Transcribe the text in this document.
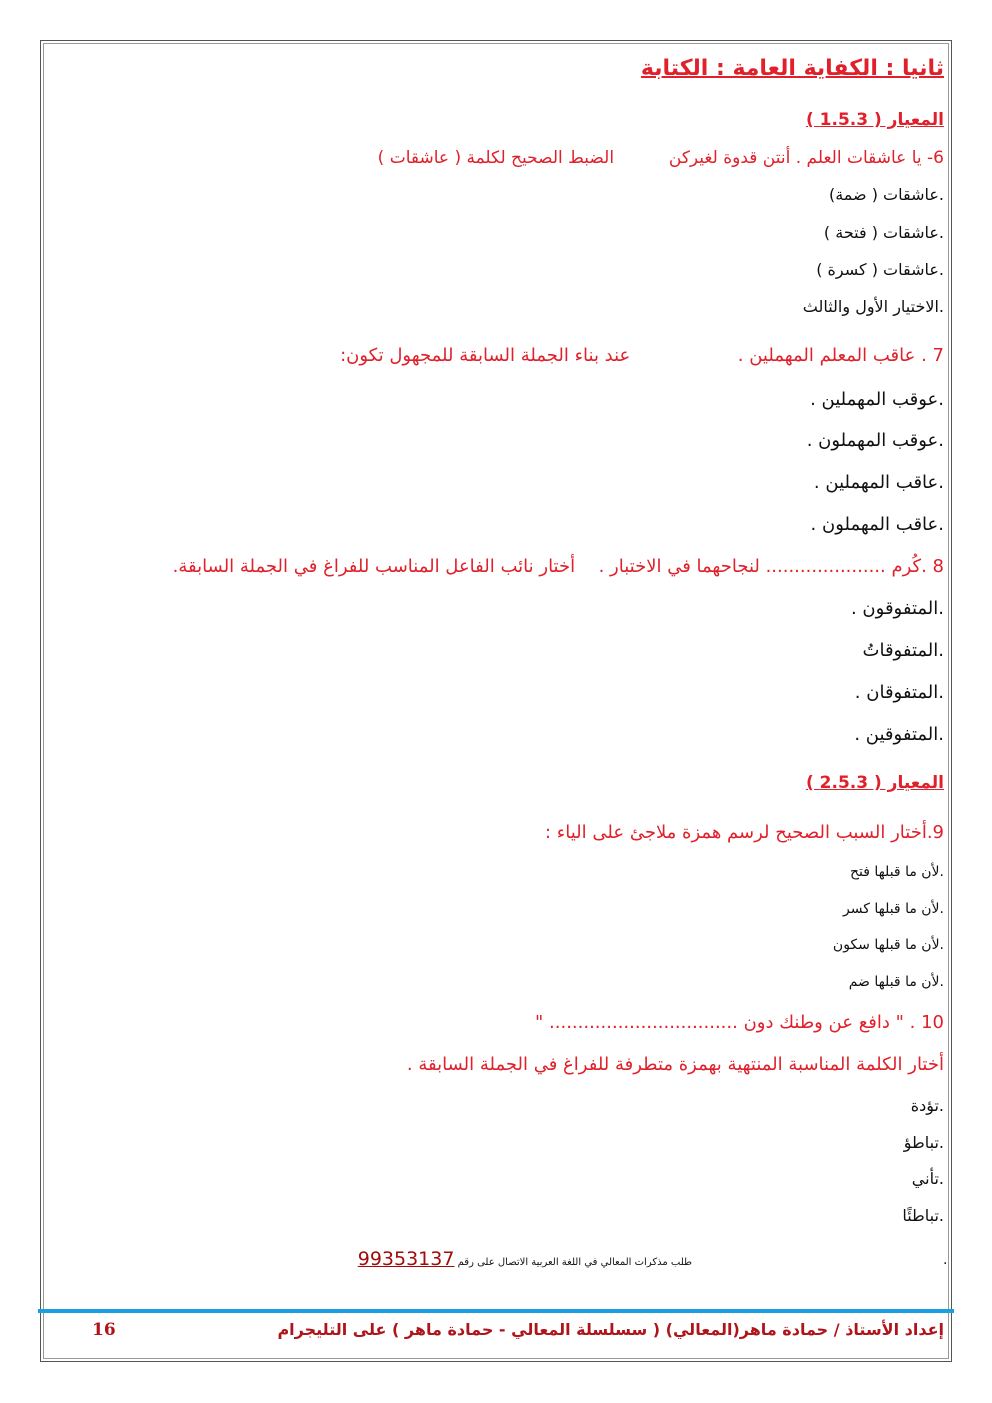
ثانيا : الكفاية العامة : الكتابة
المعيار ( 1.5.3 )
6- يا عاشقات العلم . أنتن قدوة لغيركن  الضبط الصحيح لكلمة ( عاشقات )
.عاشقات ( ضمة)
.عاشقات ( فتحة )
.عاشقات ( كسرة )
.الاختيار الأول والثالث
7 . عاقب المعلم المهملين .  عند بناء الجملة السابقة للمجهول تكون:
.عوقب المهملين .
.عوقب المهملون .
.عاقب المهملين .
.عاقب المهملون .
8 .كُرم ..................... لنجاحهما في الاختبار .  أختار نائب الفاعل المناسب للفراغ في الجملة السابقة.
.المتفوقون .
.المتفوقاتُ
.المتفوقان .
.المتفوقين .
المعيار ( 2.5.3 )
9.أختار السبب الصحيح لرسم همزة ملاجئ على الياء :
.لأن ما قبلها فتح
.لأن ما قبلها كسر
.لأن ما قبلها سكون
.لأن ما قبلها ضم
10 . " دافع عن وطنك دون ................................. "
أختار الكلمة المناسبة المنتهية بهمزة متطرفة للفراغ في الجملة السابقة .
.تؤدة
.تباطؤ
.تأني
.تباطئًا
.
طلب مذكرات المعالي في اللغة العربية الاتصال على رقم 99353137
إعداد الأستاذ / حمادة ماهر(المعالي) ( سسلسلة المعالي - حمادة ماهر ) على التليجرام
16
